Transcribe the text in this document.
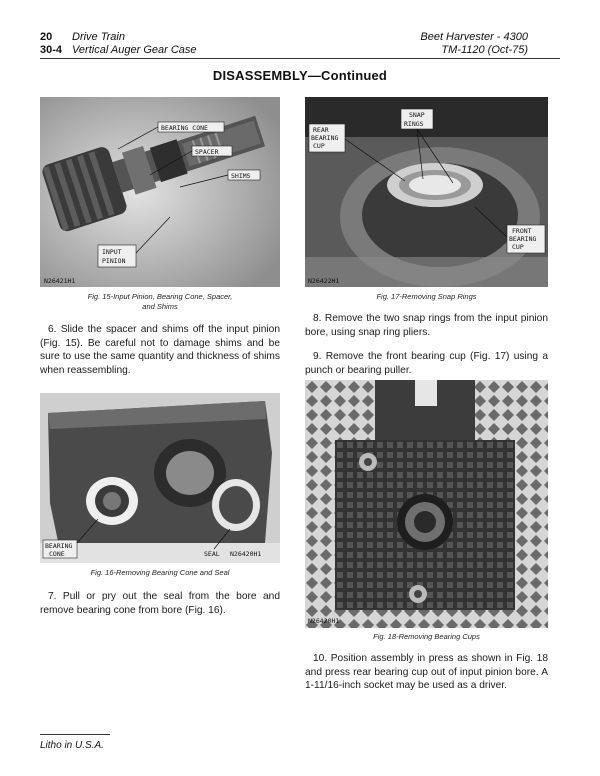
20 Drive Train
30-4 Vertical Auger Gear Case
Beet Harvester - 4300
TM-1120 (Oct-75)
DISASSEMBLY—Continued
BEARING CONE
SPACER
SHIMS
INPUT
PINION
N26421H1
Fig. 15-Input Pinion, Bearing Cone, Spacer,
and Shims
SNAP
RINGS
REAR
BEARING
CUP
FRONT
BEARING
CUP
N26422H1
Fig. 17-Removing Snap Rings
6. Slide the spacer and shims off the input pinion (Fig. 15). Be careful not to damage shims and be sure to use the same quantity and thickness of shims when reassembling.
8. Remove the two snap rings from the input pinion bore, using snap ring pliers.
9. Remove the front bearing cup (Fig. 17) using a punch or bearing puller.
BEARING
CONE	SEAL N26420H1
Fig. 16-Removing Bearing Cone and Seal
7. Pull or pry out the seal from the bore and remove bearing cone from bore (Fig. 16).
N26420H1
Fig. 18-Removing Bearing Cups
10. Position assembly in press as shown in Fig. 18 and press rear bearing cup out of input pinion bore. A 1-11/16-inch socket may be used as a driver.
Litho in U.S.A.
